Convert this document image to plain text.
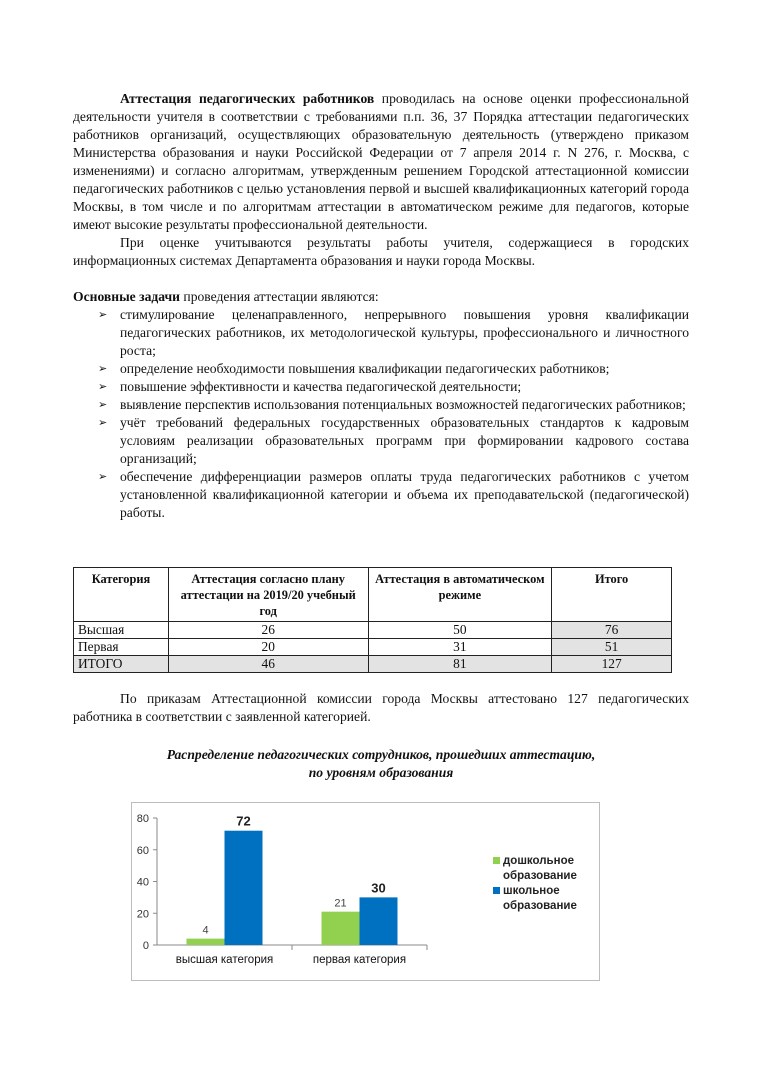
Аттестация педагогических работников проводилась на основе оценки профессиональной деятельности учителя в соответствии с требованиями п.п. 36, 37 Порядка аттестации педагогических работников организаций, осуществляющих образовательную деятельность (утверждено приказом Министерства образования и науки Российской Федерации от 7 апреля 2014 г. N 276, г. Москва, с изменениями) и согласно алгоритмам, утвержденным решением Городской аттестационной комиссии педагогических работников с целью установления первой и высшей квалификационных категорий города Москвы, в том числе и по алгоритмам аттестации в автоматическом режиме для педагогов, которые имеют высокие результаты профессиональной деятельности.

При оценке учитываются результаты работы учителя, содержащиеся в городских информационных системах Департамента образования и науки города Москвы.

Основные задачи проведения аттестации являются:

➢ стимулирование целенаправленного, непрерывного повышения уровня квалификации педагогических работников, их методологической культуры, профессионального и личностного роста;
➢ определение необходимости повышения квалификации педагогических работников;
➢ повышение эффективности и качества педагогической деятельности;
➢ выявление перспектив использования потенциальных возможностей педагогических работников;
➢ учёт требований федеральных государственных образовательных стандартов к кадровым условиям реализации образовательных программ при формировании кадрового состава организаций;
➢ обеспечение дифференциации размеров оплаты труда педагогических работников с учетом установленной квалификационной категории и объема их преподавательской (педагогической) работы.
Категория	Аттестация согласно плану аттестации на 2019/20 учебный год	Аттестация в автоматическом режиме	Итого
Высшая	26	50	76
Первая	20	31	51
ИТОГО	46	81	127

По приказам Аттестационной комиссии города Москвы аттестовано 127 педагогических работника в соответствии с заявленной категорией.

Распределение педагогических сотрудников, прошедших аттестацию,
по уровням образования
0
20
40
60
80
высшая категория
4
72
первая категория
21
30
дошкольное
образование
школьное
образование
